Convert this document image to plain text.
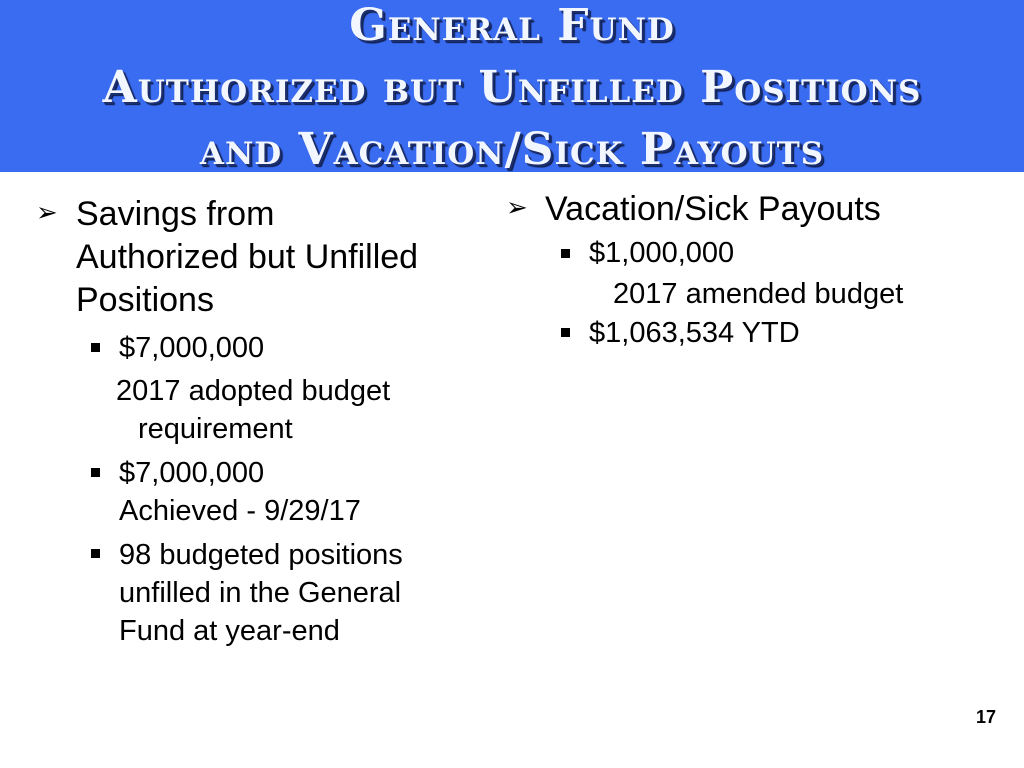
General Fund
Authorized but Unfilled Positions
and Vacation/Sick Payouts
➢ Savings from
Authorized but Unfilled
Positions
$7,000,000
2017 adopted budget
requirement
$7,000,000
Achieved - 9/29/17
98 budgeted positions
unfilled in the General
Fund at year-end
➢ Vacation/Sick Payouts
$1,000,000
2017 amended budget
$1,063,534 YTD
17
